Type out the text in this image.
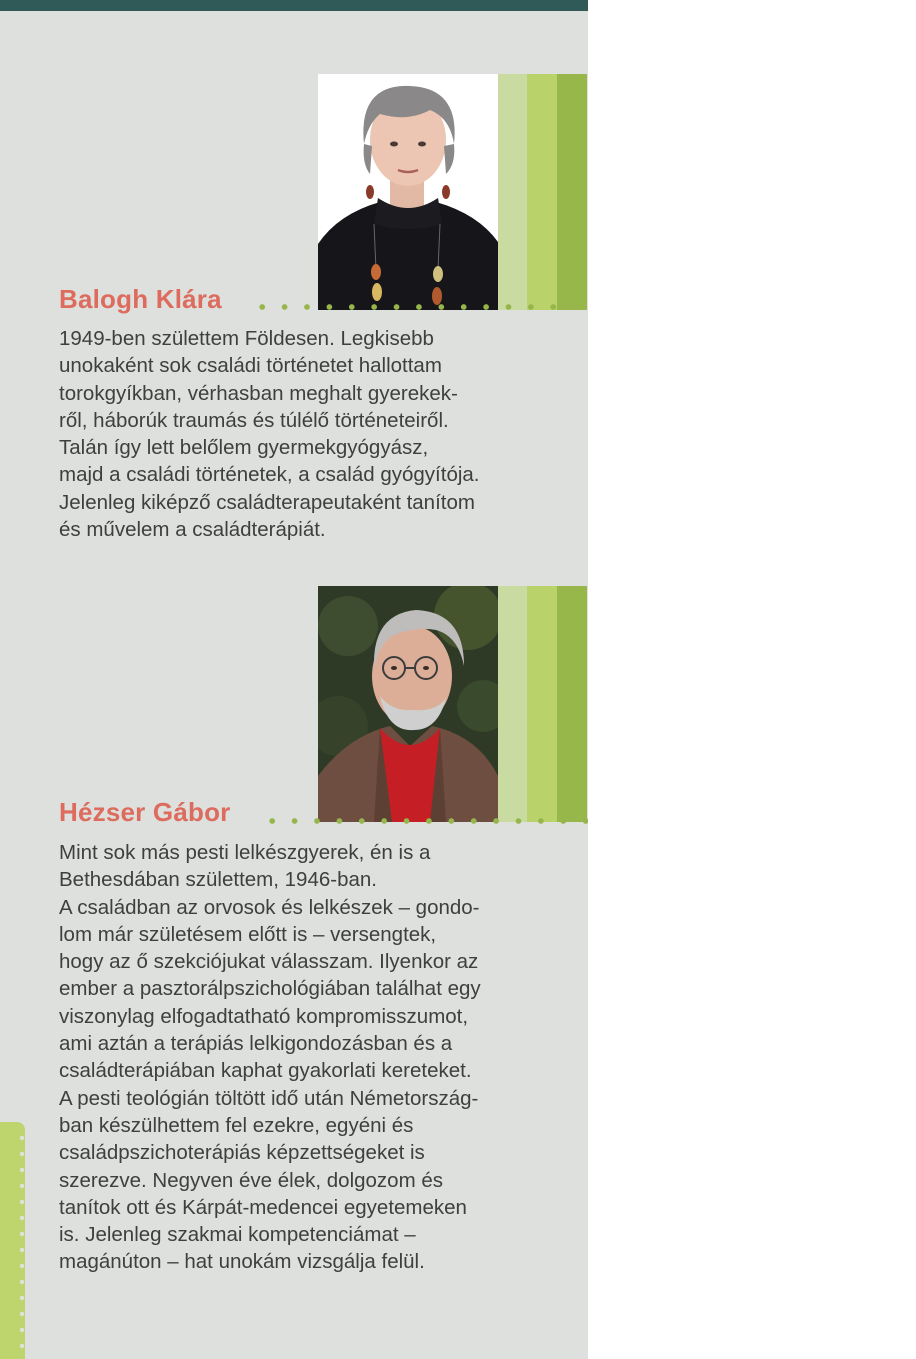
Balogh Klára

1949-ben születtem Földesen. Legkisebb
unokaként sok családi történetet hallottam
torokgyíkban, vérhasban meghalt gyerekek-
ről, háborúk traumás és túlélő történeteiről.
Talán így lett belőlem gyermekgyógyász,
majd a családi történetek, a család gyógyítója.
Jelenleg kiképző családterapeutaként tanítom
és művelem a családterápiát.

Hézser Gábor

Mint sok más pesti lelkészgyerek, én is a
Bethesdában születtem, 1946-ban.
A családban az orvosok és lelkészek – gondo-
lom már születésem előtt is – versengtek,
hogy az ő szekciójukat válasszam. Ilyenkor az
ember a pasztorálpszichológiában találhat egy
viszonylag elfogadtatható kompromisszumot,
ami aztán a terápiás lelkigondozásban és a
családterápiában kaphat gyakorlati kereteket.
A pesti teológián töltött idő után Németország-
ban készülhettem fel ezekre, egyéni és
családpszichoterápiás képzettségeket is
szerezve. Negyven éve élek, dolgozom és
tanítok ott és Kárpát-medencei egyetemeken
is. Jelenleg szakmai kompetenciámat –
magánúton – hat unokám vizsgálja felül.
